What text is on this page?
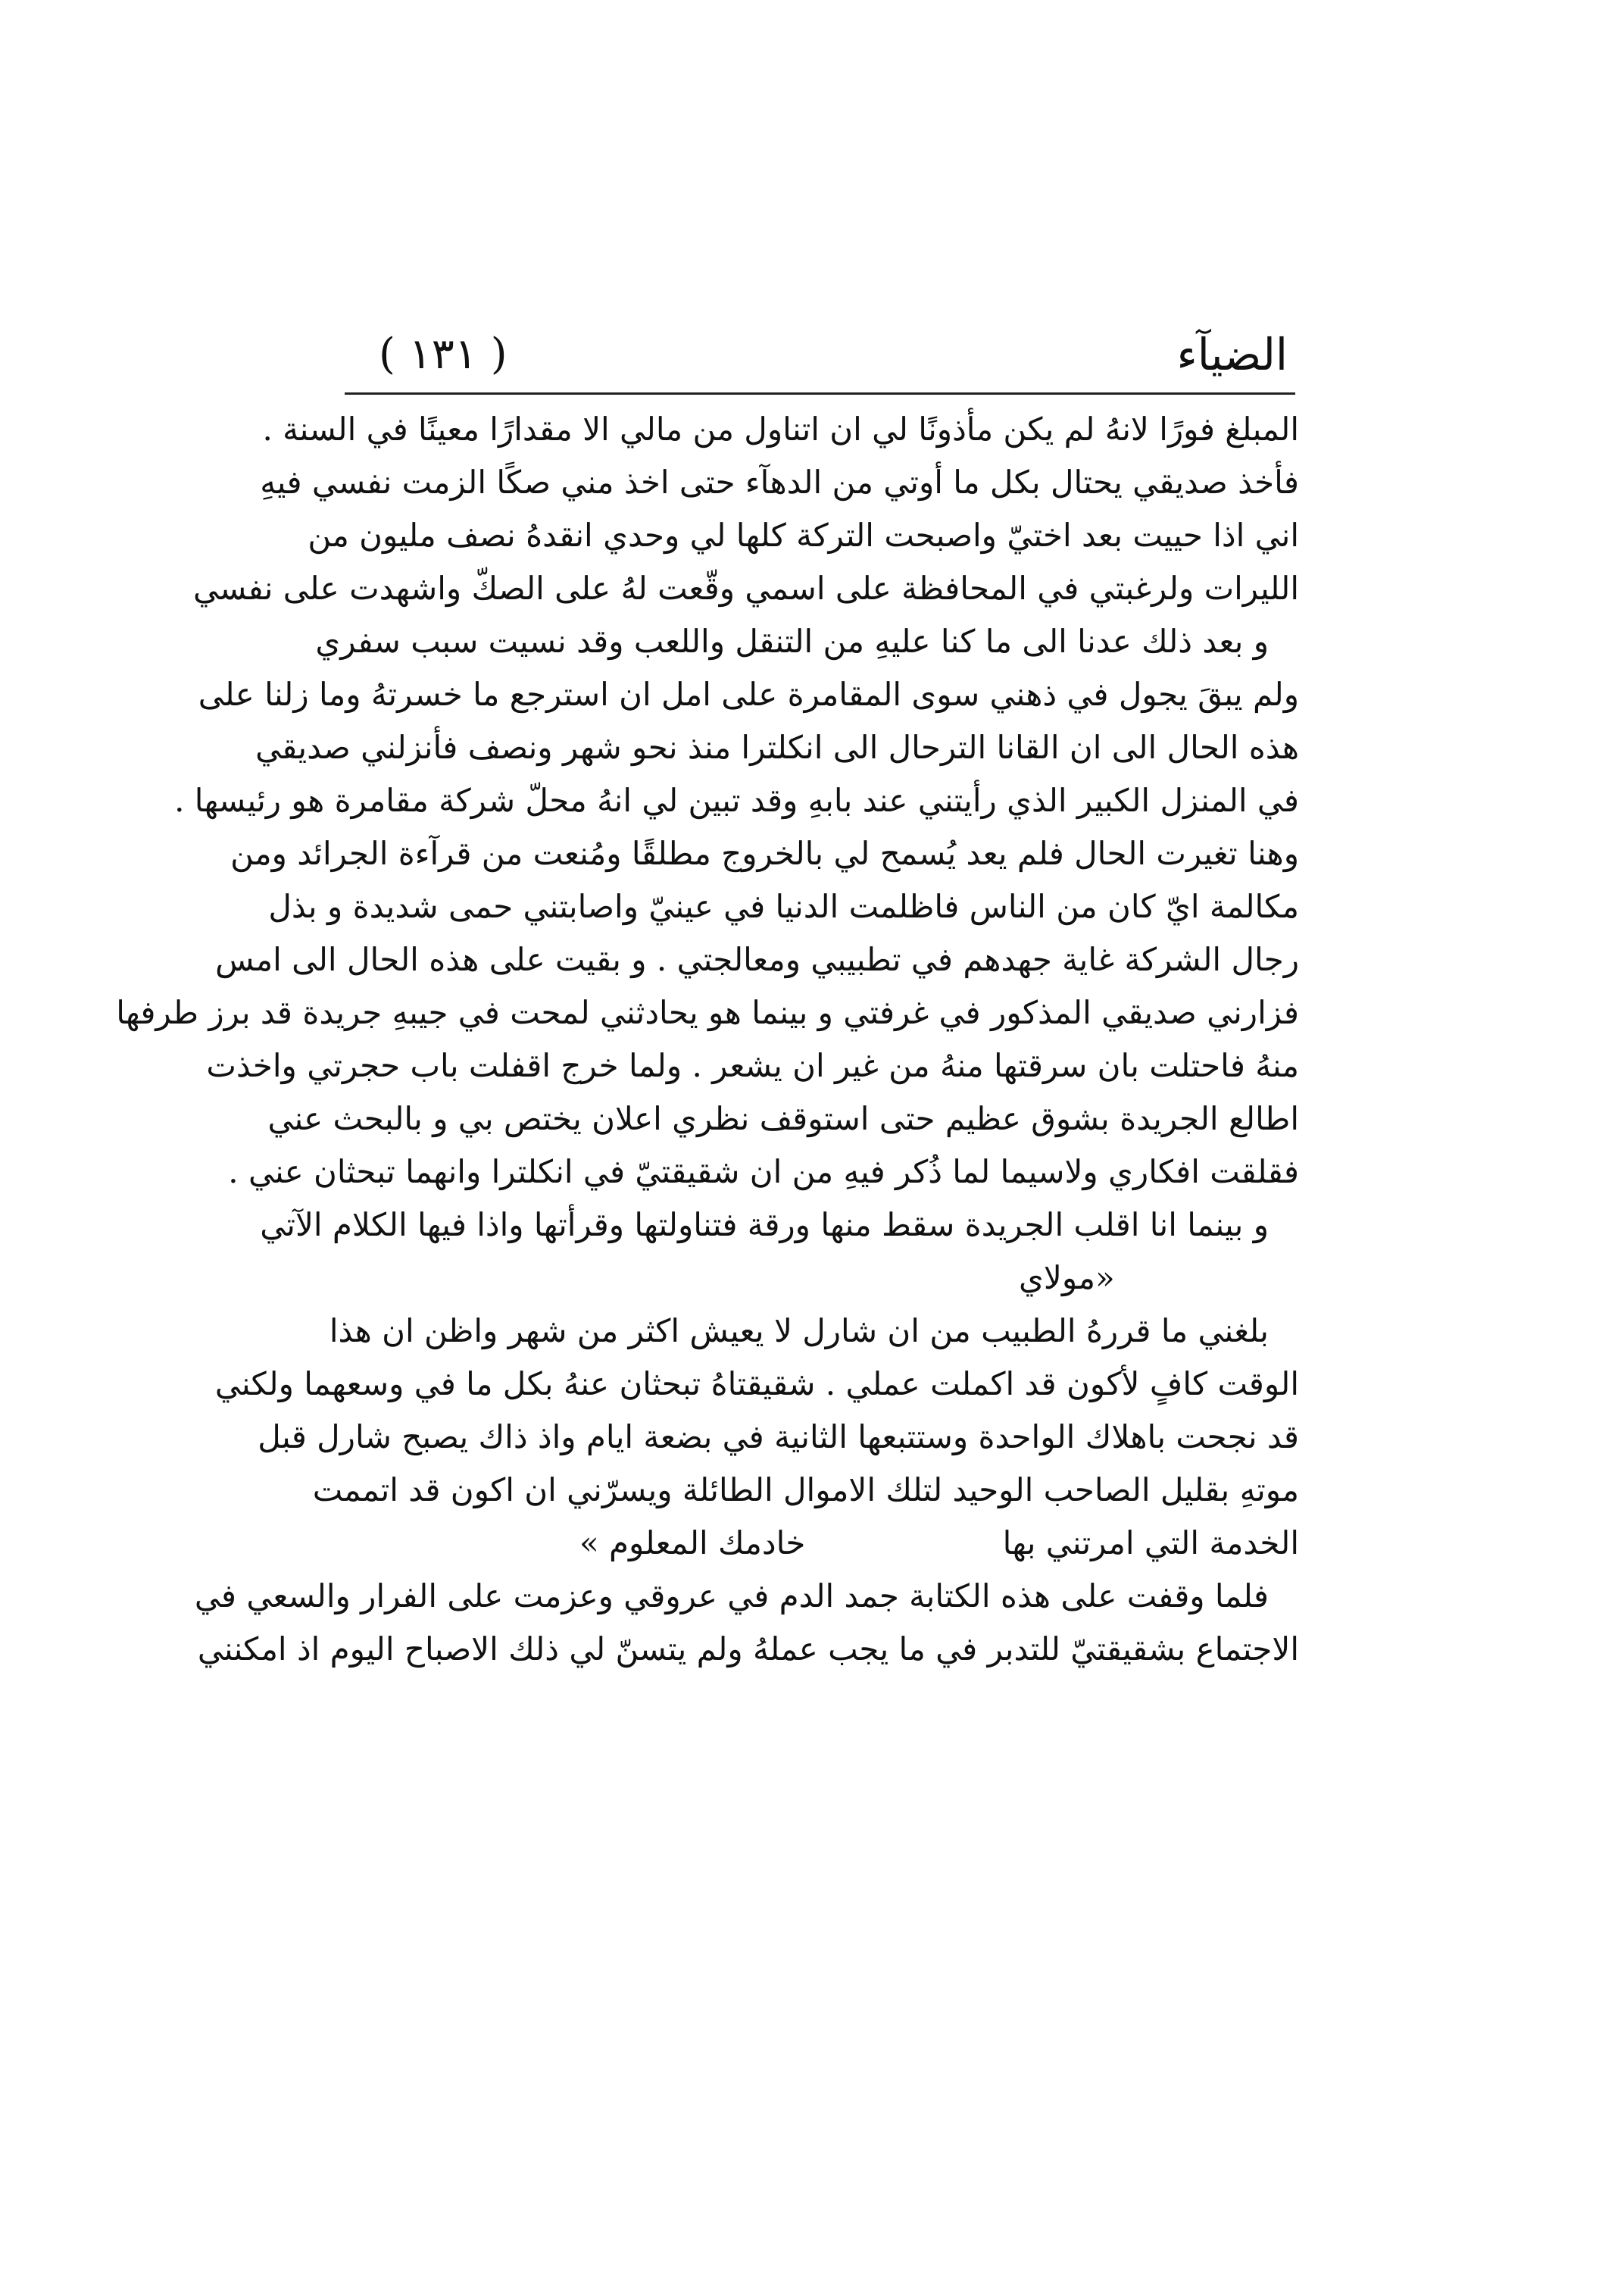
الضيآء
( ١٣١ )
المبلغ فورًا لانهُ لم يكن مأذونًا لي ان اتناول من مالي الا مقدارًا معينًا في السنة .
فأخذ صديقي يحتال بكل ما أوتي من الدهآء حتى اخذ مني صكًا الزمت نفسي فيهِ
اني اذا حييت بعد اختيّ واصبحت التركة كلها لي وحدي انقدهُ نصف مليون من
الليرات ولرغبتي في المحافظة على اسمي وقّعت لهُ على الصكّ واشهدت على نفسي
و بعد ذلك عدنا الى ما كنا عليهِ من التنقل واللعب وقد نسيت سبب سفري
ولم يبقَ يجول في ذهني سوى المقامرة على امل ان استرجع ما خسرتهُ وما زلنا على
هذه الحال الى ان القانا الترحال الى انكلترا منذ نحو شهر ونصف فأنزلني صديقي
في المنزل الكبير الذي رأيتني عند بابهِ وقد تبين لي انهُ محلّ شركة مقامرة هو رئيسها .
وهنا تغيرت الحال فلم يعد يُسمح لي بالخروج مطلقًا ومُنعت من قرآءة الجرائد ومن
مكالمة ايّ كان من الناس فاظلمت الدنيا في عينيّ واصابتني حمى شديدة و بذل
رجال الشركة غاية جهدهم في تطبيبي ومعالجتي . و بقيت على هذه الحال الى امس
فزارني صديقي المذكور في غرفتي و بينما هو يحادثني لمحت في جيبهِ جريدة قد برز طرفها
منهُ فاحتلت بان سرقتها منهُ من غير ان يشعر . ولما خرج اقفلت باب حجرتي واخذت
اطالع الجريدة بشوق عظيم حتى استوقف نظري اعلان يختص بي و بالبحث عني
فقلقت افكاري ولاسيما لما ذُكر فيهِ من ان شقيقتيّ في انكلترا وانهما تبحثان عني .
و بينما انا اقلب الجريدة سقط منها ورقة فتناولتها وقرأتها واذا فيها الكلام الآتي
«مولاي
بلغني ما قررهُ الطبيب من ان شارل لا يعيش اكثر من شهر واظن ان هذا
الوقت كافٍ لأكون قد اكملت عملي . شقيقتاهُ تبحثان عنهُ بكل ما في وسعهما ولكني
قد نجحت باهلاك الواحدة وستتبعها الثانية في بضعة ايام واذ ذاك يصبح شارل قبل
موتهِ بقليل الصاحب الوحيد لتلك الاموال الطائلة ويسرّني ان اكون قد اتممت
الخدمة التي امرتني بها
خادمك المعلوم »
فلما وقفت على هذه الكتابة جمد الدم في عروقي وعزمت على الفرار والسعي في
الاجتماع بشقيقتيّ للتدبر في ما يجب عملهُ ولم يتسنّ لي ذلك الاصباح اليوم اذ امكنني
